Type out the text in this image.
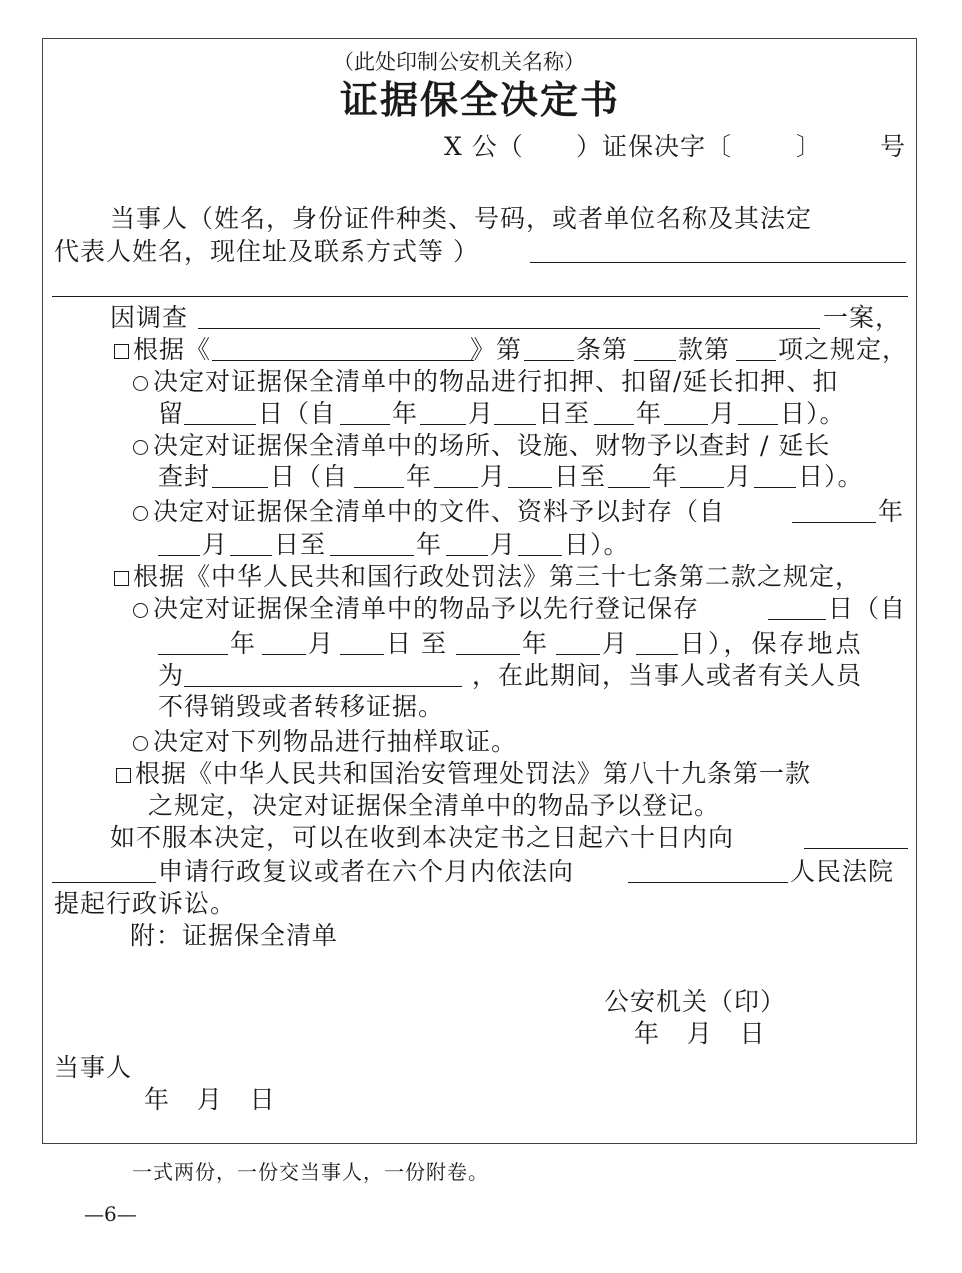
（此处印制公安机关名称）
证据保全决定书
X 公（ ）证保决字〔	〕 号
当事人（姓名，身份证件种类、号码，或者单位名称及其法定
代表人姓名，现住址及联系方式等 ）
因调查	一案，
根据《	》第 条第 款第 项之规定，
决定对证据保全清单中的物品进行扣押、扣留/延长扣押、扣
留	日（自 年 月 日至 年 月 日）。
决定对证据保全清单中的场所、设施、财物予以查封 / 延长
查封 日（自 年 月 日至 年 月 日）。
决定对证据保全清单中的文件、资料予以封存（自	年
月 日至	年 月 日）。
根据《中华人民共和国行政处罚法》第三十七条第二款之规定，
决定对证据保全清单中的物品予以先行登记保存	日（自
年 月 日 至	年 月 日），保存地点
为	，在此期间，当事人或者有关人员
不得销毁或者转移证据。
决定对下列物品进行抽样取证。
根据《中华人民共和国治安管理处罚法》第八十九条第一款
之规定，决定对证据保全清单中的物品予以登记。
如不服本决定，可以在收到本决定书之日起六十日内向
申请行政复议或者在六个月内依法向	人民法院
提起行政诉讼。
附：证据保全清单
公安机关（印）
年   月   日
当事人
年   月   日
一式两份，一份交当事人，一份附卷。
—6—
